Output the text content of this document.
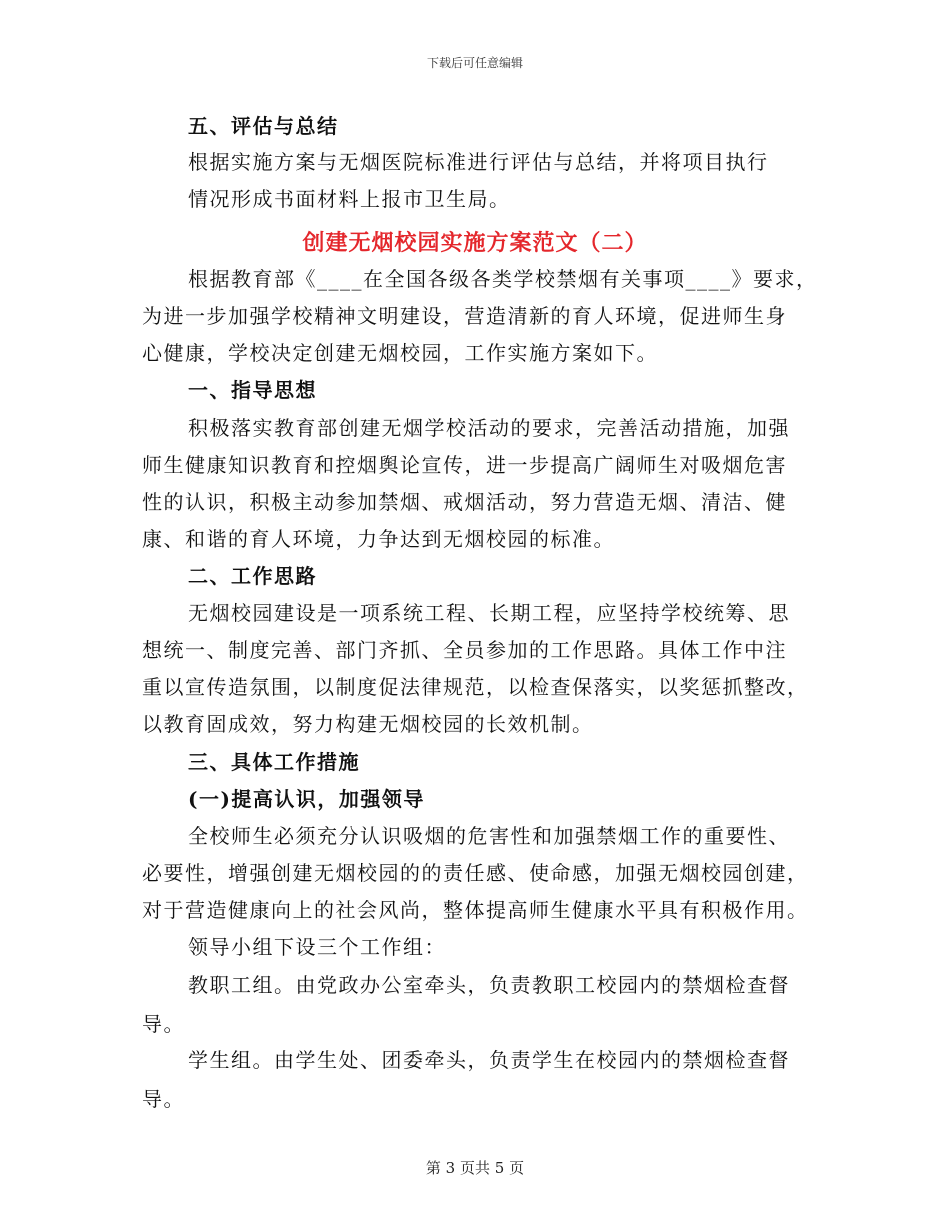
下载后可任意编辑
五、评估与总结
根据实施方案与无烟医院标准进行评估与总结，并将项目执行
情况形成书面材料上报市卫生局。
创建无烟校园实施方案范文（二）
根据教育部《____在全国各级各类学校禁烟有关事项____》要求，
为进一步加强学校精神文明建设，营造清新的育人环境，促进师生身
心健康，学校决定创建无烟校园，工作实施方案如下。
一、指导思想
积极落实教育部创建无烟学校活动的要求，完善活动措施，加强
师生健康知识教育和控烟舆论宣传，进一步提高广阔师生对吸烟危害
性的认识，积极主动参加禁烟、戒烟活动，努力营造无烟、清洁、健
康、和谐的育人环境，力争达到无烟校园的标准。
二、工作思路
无烟校园建设是一项系统工程、长期工程，应坚持学校统筹、思
想统一、制度完善、部门齐抓、全员参加的工作思路。具体工作中注
重以宣传造氛围，以制度促法律规范，以检查保落实，以奖惩抓整改，
以教育固成效，努力构建无烟校园的长效机制。
三、具体工作措施
(一)提高认识，加强领导
全校师生必须充分认识吸烟的危害性和加强禁烟工作的重要性、
必要性，增强创建无烟校园的的责任感、使命感，加强无烟校园创建，
对于营造健康向上的社会风尚，整体提高师生健康水平具有积极作用。
领导小组下设三个工作组：
教职工组。由党政办公室牵头，负责教职工校园内的禁烟检查督
导。
学生组。由学生处、团委牵头，负责学生在校园内的禁烟检查督
导。
第 3 页共 5 页
